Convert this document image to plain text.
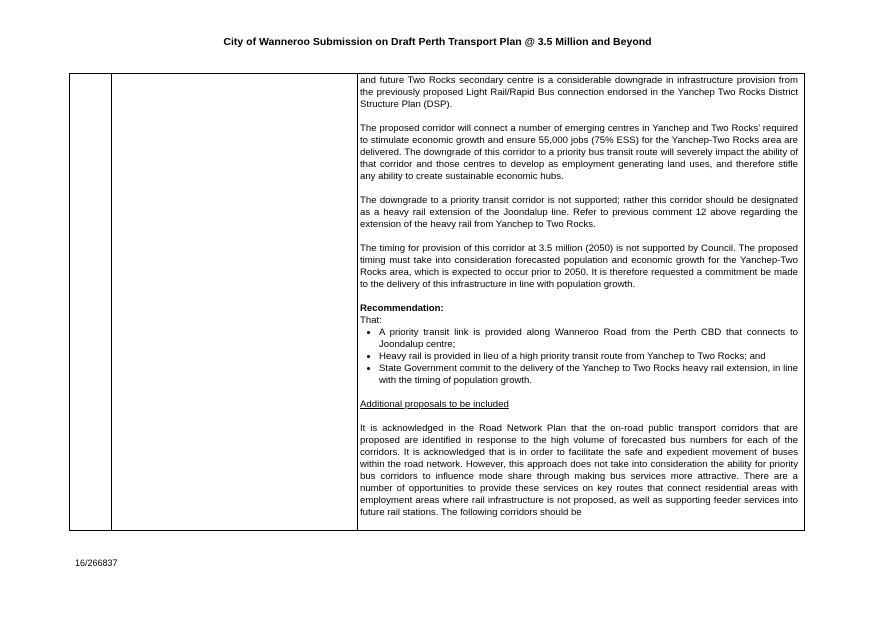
City of Wanneroo Submission on Draft Perth Transport Plan @ 3.5 Million and Beyond

and future Two Rocks secondary centre is a considerable downgrade in infrastructure provision from the previously proposed Light Rail/Rapid Bus connection endorsed in the Yanchep Two Rocks District Structure Plan (DSP).

The proposed corridor will connect a number of emerging centres in Yanchep and Two Rocks’ required to stimulate economic growth and ensure 55,000 jobs (75% ESS) for the Yanchep-Two Rocks area are delivered. The downgrade of this corridor to a priority bus transit route will severely impact the ability of that corridor and those centres to develop as employment generating land uses, and therefore stifle any ability to create sustainable economic hubs.

The downgrade to a priority transit corridor is not supported; rather this corridor should be designated as a heavy rail extension of the Joondalup line. Refer to previous comment 12 above regarding the extension of the heavy rail from Yanchep to Two Rocks.

The timing for provision of this corridor at 3.5 million (2050) is not supported by Council. The proposed timing must take into consideration forecasted population and economic growth for the Yanchep-Two Rocks area, which is expected to occur prior to 2050. It is therefore requested a commitment be made to the delivery of this infrastructure in line with population growth.

Recommendation:
That:
• A priority transit link is provided along Wanneroo Road from the Perth CBD that connects to Joondalup centre;
• Heavy rail is provided in lieu of a high priority transit route from Yanchep to Two Rocks; and
• State Government commit to the delivery of the Yanchep to Two Rocks heavy rail extension, in line with the timing of population growth.

Additional proposals to be included

It is acknowledged in the Road Network Plan that the on-road public transport corridors that are proposed are identified in response to the high volume of forecasted bus numbers for each of the corridors. It is acknowledged that is in order to facilitate the safe and expedient movement of buses within the road network. However, this approach does not take into consideration the ability for priority bus corridors to influence mode share through making bus services more attractive. There are a number of opportunities to provide these services on key routes that connect residential areas with employment areas where rail infrastructure is not proposed, as well as supporting feeder services into future rail stations. The following corridors should be

16/266837
